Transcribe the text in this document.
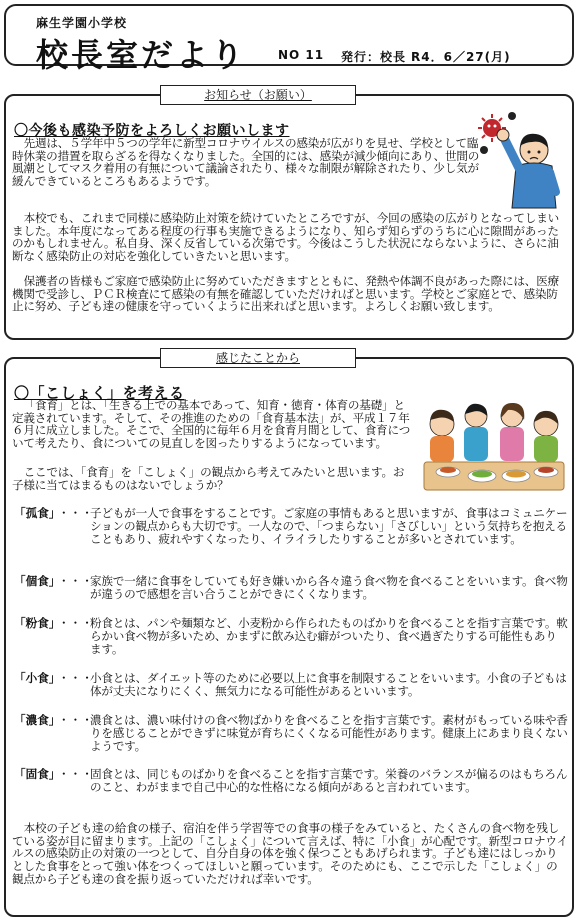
麻生学園小学校
校長室だより	NO 11 発行：校長 R4．6／27(月)
お知らせ（お願い）
〇今後も感染予防をよろしくお願いします

先週は、５学年中５つの学年に新型コロナウイルスの感染が広がりを見せ、学校として臨時休業の措置を取らざるを得なくなりました。全国的には、感染が減少傾向にあり、世間の風潮としてマスク着用の有無について議論されたり、様々な制限が解除されたり、少し気が緩んできているところもあるようです。

本校でも、これまで同様に感染防止対策を続けていたところですが、今回の感染の広がりとなってしまいました。本年度になってある程度の行事も実施できるようになり、知らず知らずのうちに心に隙間があったのかもしれません。私自身、深く反省している次第です。今後はこうした状況にならないように、さらに油断なく感染防止の対応を強化していきたいと思います。

保護者の皆様もご家庭で感染防止に努めていただきますとともに、発熱や体調不良があった際には、医療機関で受診し、ＰＣＲ検査にて感染の有無を確認していただければと思います。学校とご家庭とで、感染防止に努め、子ども達の健康を守っていくように出来ればと思います。よろしくお願い致します。

感じたことから
〇「こしょく」を考える

「食育」とは、「生きる上での基本であって、知育・徳育・体育の基礎」と定義されています。そして、その推進のための「食育基本法」が、平成１７年６月に成立しました。そこで、全国的に毎年６月を食育月間として、食育について考えたり、食についての見直しを図ったりするようになっています。

ここでは、「食育」を「こしょく」の観点から考えてみたいと思います。お子様に当てはまるものはないでしょうか？

「孤食」
・・・
子どもが一人で食事をすることです。ご家庭の事情もあると思いますが、食事はコミュニケーションの観点からも大切です。一人なので、「つまらない」「さびしい」という気持ちを抱えることもあり、疲れやすくなったり、イライラしたりすることが多いとされています。
「個食」
・・・
家族で一緒に食事をしていても好き嫌いから各々違う食べ物を食べることをいいます。食べ物が違うので感想を言い合うことができにくくなります。
「粉食」
・・・
粉食とは、パンや麺類など、小麦粉から作られたものばかりを食べることを指す言葉です。軟らかい食べ物が多いため、かまずに飲み込む癖がついたり、食べ過ぎたりする可能性もあります。
「小食」
・・・
小食とは、ダイエット等のために必要以上に食事を制限することをいいます。小食の子どもは体が丈夫になりにくく、無気力になる可能性があるといいます。
「濃食」
・・・
濃食とは、濃い味付けの食べ物ばかりを食べることを指す言葉です。素材がもっている味や香りを感じることができずに味覚が育ちにくくなる可能性があります。健康上にあまり良くないようです。
「固食」
・・・
固食とは、同じものばかりを食べることを指す言葉です。栄養のバランスが偏るのはもちろんのこと、わがままで自己中心的な性格になる傾向があると言われています。

本校の子ども達の給食の様子、宿泊を伴う学習等での食事の様子をみていると、たくさんの食べ物を残している姿が目に留まります。上記の「こしょく」について言えば、特に「小食」が心配です。新型コロナウイルスの感染防止の対策の一つとして、自分自身の体を強く保つこともあげられます。子ども達にはしっかりとした食事をとって強い体をつくってほしいと願っています。そのためにも、ここで示した「こしょく」の観点から子ども達の食を振り返っていただければ幸いです。
